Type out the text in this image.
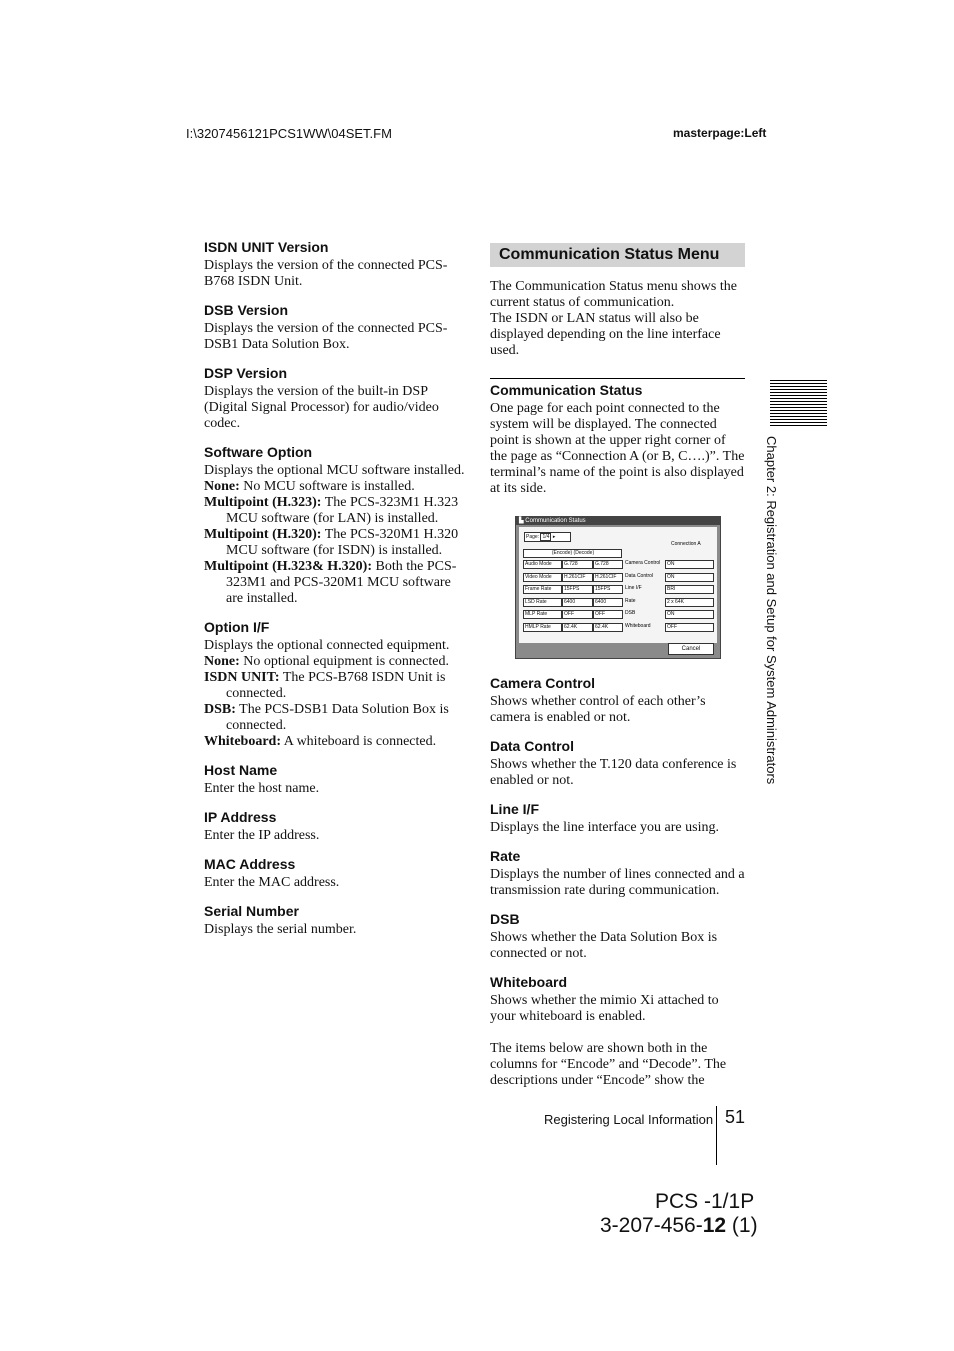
I:\3207456121PCS1WW\04SET.FM	masterpage:Left
ISDN UNIT Version

Displays the version of the connected PCS-B768 ISDN Unit.

DSB Version

Displays the version of the connected PCS-DSB1 Data Solution Box.

DSP Version

Displays the version of the built-in DSP (Digital Signal Processor) for audio/video codec.

Software Option

Displays the optional MCU software installed.

None: No MCU software is installed.

Multipoint (H.323): The PCS-323M1 H.323 MCU software (for LAN) is installed.

Multipoint (H.320): The PCS-320M1 H.320 MCU software (for ISDN) is installed.

Multipoint (H.323& H.320): Both the PCS-323M1 and PCS-320M1 MCU software are installed.

Option I/F

Displays the optional connected equipment.

None: No optional equipment is connected.

ISDN UNIT: The PCS-B768 ISDN Unit is connected.

DSB: The PCS-DSB1 Data Solution Box is connected.

Whiteboard: A whiteboard is connected.

Host Name

Enter the host name.

IP Address

Enter the IP address.

MAC Address

Enter the MAC address.

Serial Number

Displays the serial number.

Communication Status Menu

The Communication Status menu shows the current status of communication.

The ISDN or LAN status will also be displayed depending on the line interface used.

Communication Status

One page for each point connected to the system will be displayed. The connected point is shown at the upper right corner of the page as “Connection A (or B, C….)”. The terminal’s name of the point is also displayed at its side.

▙ Communication Status
Page: 1/4 ▸
Connection A
(Encode) (Decode)
Audio Mode	G.728	G.728
Video Mode	H.261CIF	H.261CIF
Frame Rate	15FPS	15FPS
LSD Rate	6400	6400
MLP Rate	OFF	OFF
HMLP Rate	62.4K	62.4K
Camera Control	ON
Data Control	ON
Line I/F	BRI
Rate	2 x 64K
DSB	ON
Whiteboard	OFF
Cancel
Camera Control

Shows whether control of each other’s camera is enabled or not.

Data Control

Shows whether the T.120 data conference is enabled or not.

Line I/F

Displays the line interface you are using.

Rate

Displays the number of lines connected and a transmission rate during communication.

DSB

Shows whether the Data Solution Box is connected or not.

Whiteboard

Shows whether the mimio Xi attached to your whiteboard is enabled.

The items below are shown both in the columns for “Encode” and “Decode”. The descriptions under “Encode” show the

Chapter 2: Registration and Setup for System Administrators
Registering Local Information 51
PCS -1/1P
3-207-456-12 (1)
